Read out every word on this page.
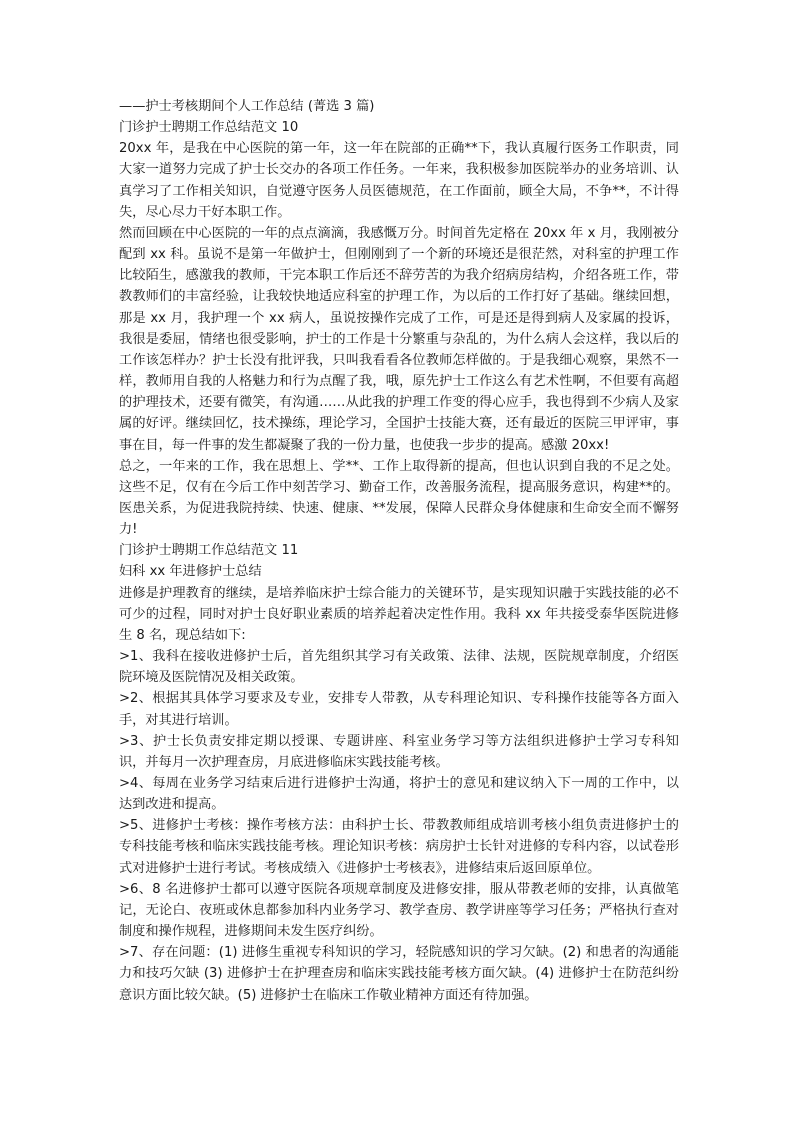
——护士考核期间个人工作总结 (菁选 3 篇)

门诊护士聘期工作总结范文 10

20xx 年，是我在中心医院的第一年，这一年在院部的正确**下，我认真履行医务工作职责，同大家一道努力完成了护士长交办的各项工作任务。一年来，我积极参加医院举办的业务培训、认真学习了工作相关知识，自觉遵守医务人员医德规范，在工作面前，顾全大局，不争**，不计得失，尽心尽力干好本职工作。

然而回顾在中心医院的一年的点点滴滴，我感慨万分。时间首先定格在 20xx 年 x 月，我刚被分配到 xx 科。虽说不是第一年做护士，但刚刚到了一个新的环境还是很茫然，对科室的护理工作比较陌生，感激我的教师，干完本职工作后还不辞劳苦的为我介绍病房结构，介绍各班工作，带教教师们的丰富经验，让我较快地适应科室的护理工作，为以后的工作打好了基础。继续回想，那是 xx 月，我护理一个 xx 病人，虽说按操作完成了工作，可是还是得到病人及家属的投诉，我很是委屈，情绪也很受影响，护士的工作是十分繁重与杂乱的，为什么病人会这样，我以后的工作该怎样办？护士长没有批评我，只叫我看看各位教师怎样做的。于是我细心观察，果然不一样，教师用自我的人格魅力和行为点醒了我，哦，原先护士工作这么有艺术性啊，不但要有高超的护理技术，还要有微笑，有沟通……从此我的护理工作变的得心应手，我也得到不少病人及家属的好评。继续回忆，技术操练，理论学习，全国护士技能大赛，还有最近的医院三甲评审，事事在目，每一件事的发生都凝聚了我的一份力量，也使我一步步的提高。感激 20xx!

总之，一年来的工作，我在思想上、学**、工作上取得新的提高，但也认识到自我的不足之处。这些不足，仅有在今后工作中刻苦学习、勤奋工作，改善服务流程，提高服务意识，构建**的。医患关系，为促进我院持续、快速、健康、**发展，保障人民群众身体健康和生命安全而不懈努力!

门诊护士聘期工作总结范文 11

妇科 xx 年进修护士总结

进修是护理教育的继续，是培养临床护士综合能力的关键环节，是实现知识融于实践技能的必不可少的过程，同时对护士良好职业素质的培养起着决定性作用。我科 xx 年共接受泰华医院进修生 8 名，现总结如下:

>1、我科在接收进修护士后，首先组织其学习有关政策、法律、法规，医院规章制度，介绍医院环境及医院情况及相关政策。

>2、根据其具体学习要求及专业，安排专人带教，从专科理论知识、专科操作技能等各方面入手，对其进行培训。

>3、护士长负责安排定期以授课、专题讲座、科室业务学习等方法组织进修护士学习专科知识，并每月一次护理查房，月底进修临床实践技能考核。

>4、每周在业务学习结束后进行进修护士沟通，将护士的意见和建议纳入下一周的工作中，以达到改进和提高。

>5、进修护士考核：操作考核方法：由科护士长、带教教师组成培训考核小组负责进修护士的专科技能考核和临床实践技能考核。理论知识考核：病房护士长针对进修的专科内容，以试卷形式对进修护士进行考试。考核成绩入《进修护士考核表》，进修结束后返回原单位。

>6、8 名进修护士都可以遵守医院各项规章制度及进修安排，服从带教老师的安排，认真做笔记，无论白、夜班或休息都参加科内业务学习、教学查房、教学讲座等学习任务；严格执行查对制度和操作规程，进修期间未发生医疗纠纷。

>7、存在问题：(1) 进修生重视专科知识的学习，轻院感知识的学习欠缺。(2) 和患者的沟通能力和技巧欠缺 (3) 进修护士在护理查房和临床实践技能考核方面欠缺。(4) 进修护士在防范纠纷意识方面比较欠缺。(5) 进修护士在临床工作敬业精神方面还有待加强。
